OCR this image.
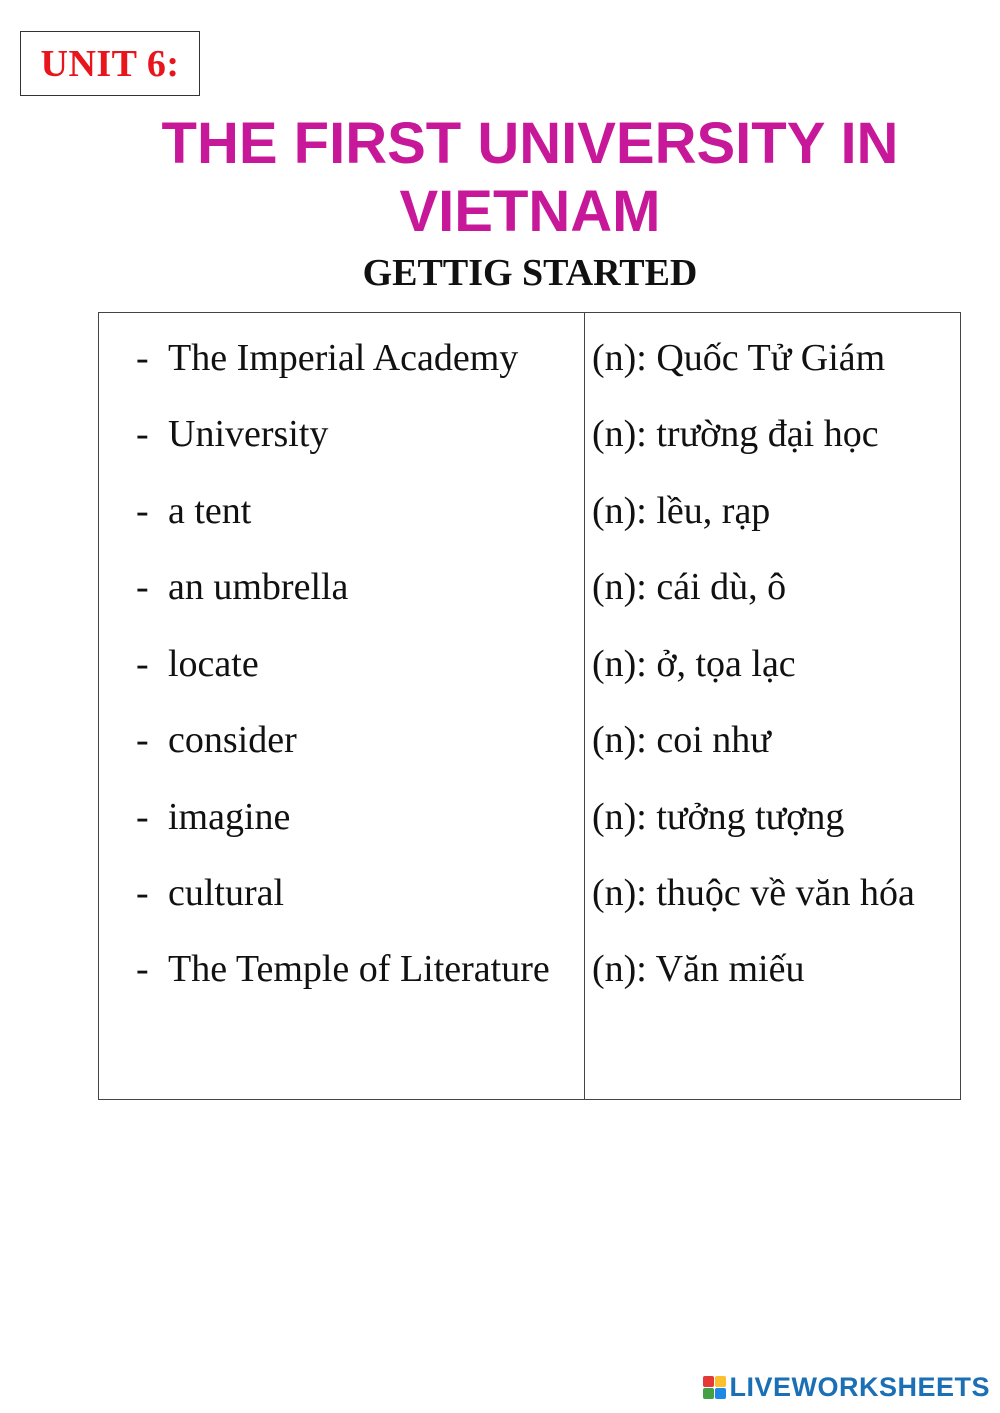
UNIT 6:
THE FIRST UNIVERSITY IN VIETNAM
GETTIG STARTED
- The Imperial Academy (n): Quốc Tử Giám
- University	(n): trường đại học
- a tent	(n): lều, rạp
- an umbrella	(n): cái dù, ô
- locate	(n): ở, tọa lạc
- consider	(n): coi như
- imagine	(n): tưởng tượng
- cultural	(n): thuộc về văn hóa
- The Temple of Literature (n): Văn miếu
LIVEWORKSHEETS
